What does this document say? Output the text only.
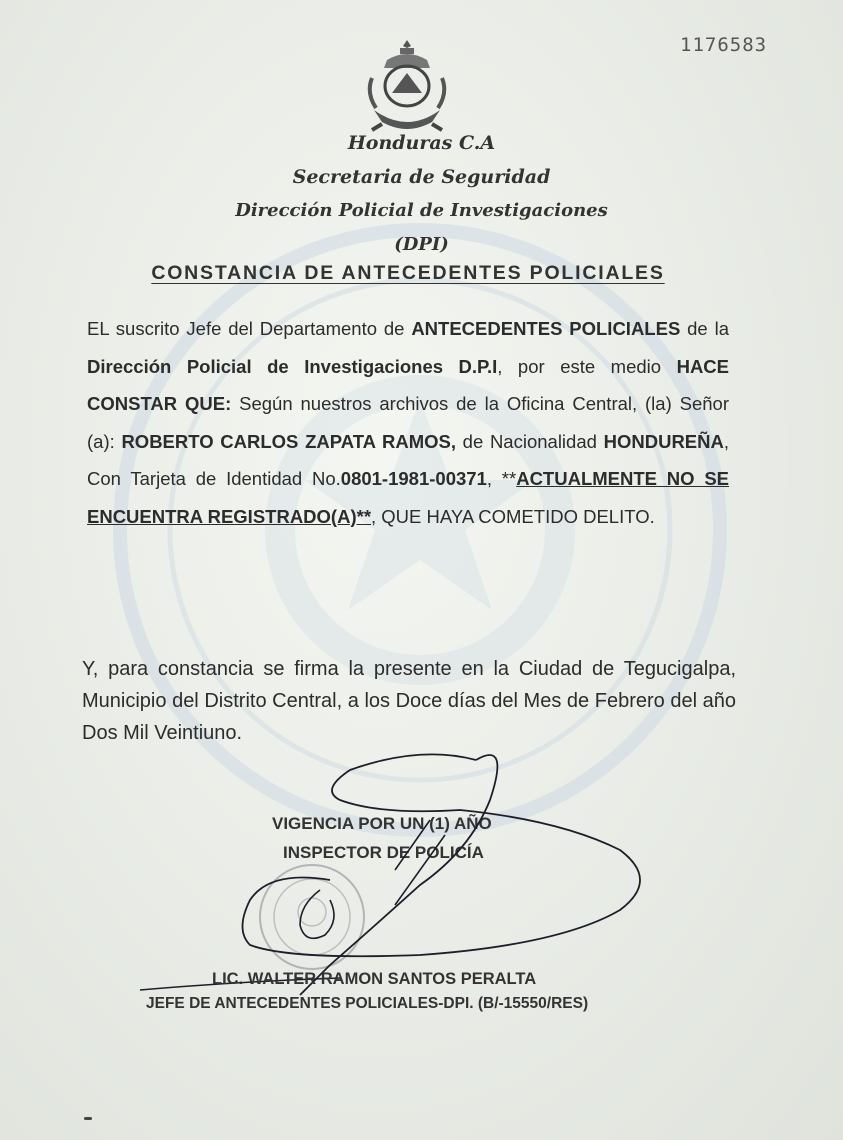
1176583
Honduras C.A
Secretaria de Seguridad
Dirección Policial de Investigaciones
(DPI)
CONSTANCIA DE ANTECEDENTES POLICIALES
EL suscrito Jefe del Departamento de ANTECEDENTES POLICIALES de la Dirección Policial de Investigaciones D.P.I, por este medio HACE CONSTAR QUE: Según nuestros archivos de la Oficina Central, (la) Señor (a): ROBERTO CARLOS ZAPATA RAMOS, de Nacionalidad HONDUREÑA, Con Tarjeta de Identidad No.0801-1981-00371, **ACTUALMENTE NO SE ENCUENTRA REGISTRADO(A)**, QUE HAYA COMETIDO DELITO.
Y, para constancia se firma la presente en la Ciudad de Tegucigalpa, Municipio del Distrito Central, a los Doce días del Mes de Febrero del año Dos Mil Veintiuno.
VIGENCIA POR UN (1) AÑO
INSPECTOR DE POLICÍA
LIC. WALTER RAMON SANTOS PERALTA
JEFE DE ANTECEDENTES POLICIALES-DPI. (B/-15550/RES)
